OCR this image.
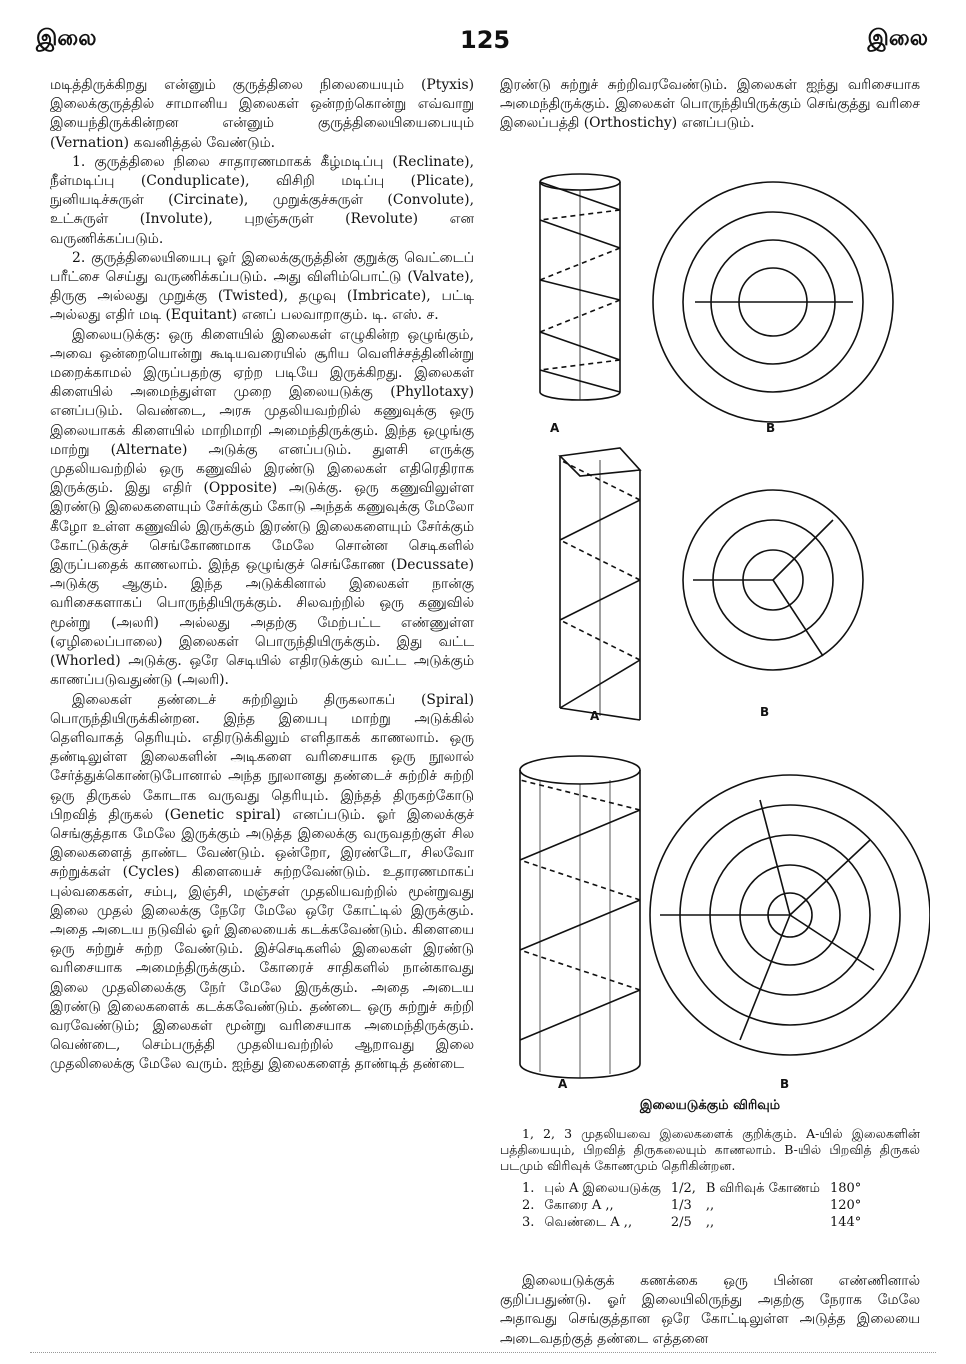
இலை	125	இலை

மடித்திருக்கிறது என்னும் குருத்திலை நிலையையும் (Ptyxis) இலைக்குருத்தில் சாமானிய இலைகள் ஒன்றற்கொன்று எவ்வாறு இயைந்திருக்கின்றன என்னும் குருத்திலையியைபையும் (Vernation) கவனித்தல் வேண்டும்.

1. குருத்திலை நிலை சாதாரணமாகக் கீழ்மடிப்பு (Reclinate), நீள்மடிப்பு (Conduplicate), விசிறி மடிப்பு (Plicate), நுனியடிச்சுருள் (Circinate), முறுக்குச்சுருள் (Convolute), உட்சுருள் (Involute), புறஞ்சுருள் (Revolute) என வருணிக்கப்படும்.

2. குருத்திலையியைபு ஓர் இலைக்குருத்தின் குறுக்கு வெட்டைப் பரீட்சை செய்து வருணிக்கப்படும். அது விளிம்பொட்டு (Valvate), திருகு அல்லது முறுக்கு (Twisted), தழுவு (Imbricate), பட்டி அல்லது எதிர் மடி (Equitant) எனப் பலவாறாகும். டி. எஸ். ச.

இலையடுக்கு: ஒரு கிளையில் இலைகள் எழுகின்ற ஒழுங்கும், அவை ஒன்றையொன்று கூடியவரையில் சூரிய வெளிச்சத்தினின்று மறைக்காமல் இருப்பதற்கு ஏற்ற படியே இருக்கிறது. இலைகள் கிளையில் அமைந்துள்ள முறை இலையடுக்கு (Phyllotaxy) எனப்படும். வெண்டை, அரசு முதலியவற்றில் கணுவுக்கு ஒரு இலையாகக் கிளையில் மாறிமாறி அமைந்திருக்கும். இந்த ஒழுங்கு மாற்று (Alternate) அடுக்கு எனப்படும். துளசி எருக்கு முதலியவற்றில் ஒரு கணுவில் இரண்டு இலைகள் எதிரெதிராக இருக்கும். இது எதிர் (Opposite) அடுக்கு. ஒரு கணுவிலுள்ள இரண்டு இலைகளையும் சேர்க்கும் கோடு அந்தக் கணுவுக்கு மேலோ கீழோ உள்ள கணுவில் இருக்கும் இரண்டு இலைகளையும் சேர்க்கும் கோட்டுக்குச் செங்கோணமாக மேலே சொன்ன செடிகளில் இருப்பதைக் காணலாம். இந்த ஒழுங்குச் செங்கோண (Decussate) அடுக்கு ஆகும். இந்த அடுக்கினால் இலைகள் நான்கு வரிசைகளாகப் பொருந்தியிருக்கும். சிலவற்றில் ஒரு கணுவில் மூன்று (அலரி) அல்லது அதற்கு மேற்பட்ட எண்ணுள்ள (ஏழிலைப்பாலை) இலைகள் பொருந்தியிருக்கும். இது வட்ட (Whorled) அடுக்கு. ஒரே செடியில் எதிரடுக்கும் வட்ட அடுக்கும் காணப்படுவதுண்டு (அலரி).

இலைகள் தண்டைச் சுற்றிலும் திருகலாகப் (Spiral) பொருந்தியிருக்கின்றன. இந்த இயைபு மாற்று அடுக்கில் தெளிவாகத் தெரியும். எதிரடுக்கிலும் எளிதாகக் காணலாம். ஒரு தண்டிலுள்ள இலைகளின் அடிகளை வரிசையாக ஒரு நூலால் சேர்த்துக்கொண்டுபோனால் அந்த நூலானது தண்டைச் சுற்றிச் சுற்றி ஒரு திருகல் கோடாக வருவது தெரியும். இந்தத் திருகற்கோடு பிறவித் திருகல் (Genetic spiral) எனப்படும். ஓர் இலைக்குச் செங்குத்தாக மேலே இருக்கும் அடுத்த இலைக்கு வருவதற்குள் சில இலைகளைத் தாண்ட வேண்டும். ஒன்றோ, இரண்டோ, சிலவோ சுற்றுக்கள் (Cycles) கிளையைச் சுற்றவேண்டும். உதாரணமாகப் புல்வகைகள், சம்பு, இஞ்சி, மஞ்சள் முதலியவற்றில் மூன்றுவது இலை முதல் இலைக்கு நேரே மேலே ஒரே கோட்டில் இருக்கும். அதை அடைய நடுவில் ஓர் இலையைக் கடக்கவேண்டும். கிளையை ஒரு சுற்றுச் சுற்ற வேண்டும். இச்செடிகளில் இலைகள் இரண்டு வரிசையாக அமைந்திருக்கும். கோரைச் சாதிகளில் நான்காவது இலை முதலிலைக்கு நேர் மேலே இருக்கும். அதை அடைய இரண்டு இலைகளைக் கடக்கவேண்டும். தண்டை ஒரு சுற்றுச் சுற்றி வரவேண்டும்; இலைகள் மூன்று வரிசையாக அமைந்திருக்கும். வெண்டை, செம்பருத்தி முதலியவற்றில் ஆறாவது இலை முதலிலைக்கு மேலே வரும். ஐந்து இலைகளைத் தாண்டித் தண்டை

இரண்டு சுற்றுச் சுற்றிவரவேண்டும். இலைகள் ஐந்து வரிசையாக அமைந்திருக்கும். இலைகள் பொருந்தியிருக்கும் செங்குத்து வரிசை இலைப்பத்தி (Orthostichy) எனப்படும்.

A	B
A	B
A	B
இலையடுக்கும் விரிவும்
1, 2, 3 முதலியவை இலைகளைக் குறிக்கும். A-யில் இலைகளின் பத்தியையும், பிறவித் திருகலையும் காணலாம். B-யில் பிறவித் திருகல் படமும் விரிவுக் கோணமும் தெரிகின்றன.
1.	புல் A இலையடுக்கு	1/2,	B விரிவுக் கோணம்	180°
2.	கோரை A ,,	1/3	,,	120°
3.	வெண்டை A ,,	2/5	,,	144°

இலையடுக்குக் கணக்கை ஒரு பின்ன எண்ணினால் குறிப்பதுண்டு. ஓர் இலையிலிருந்து அதற்கு நேராக மேலே அதாவது செங்குத்தான ஒரே கோட்டிலுள்ள அடுத்த இலையை அடைவதற்குத் தண்டை எத்தனை
